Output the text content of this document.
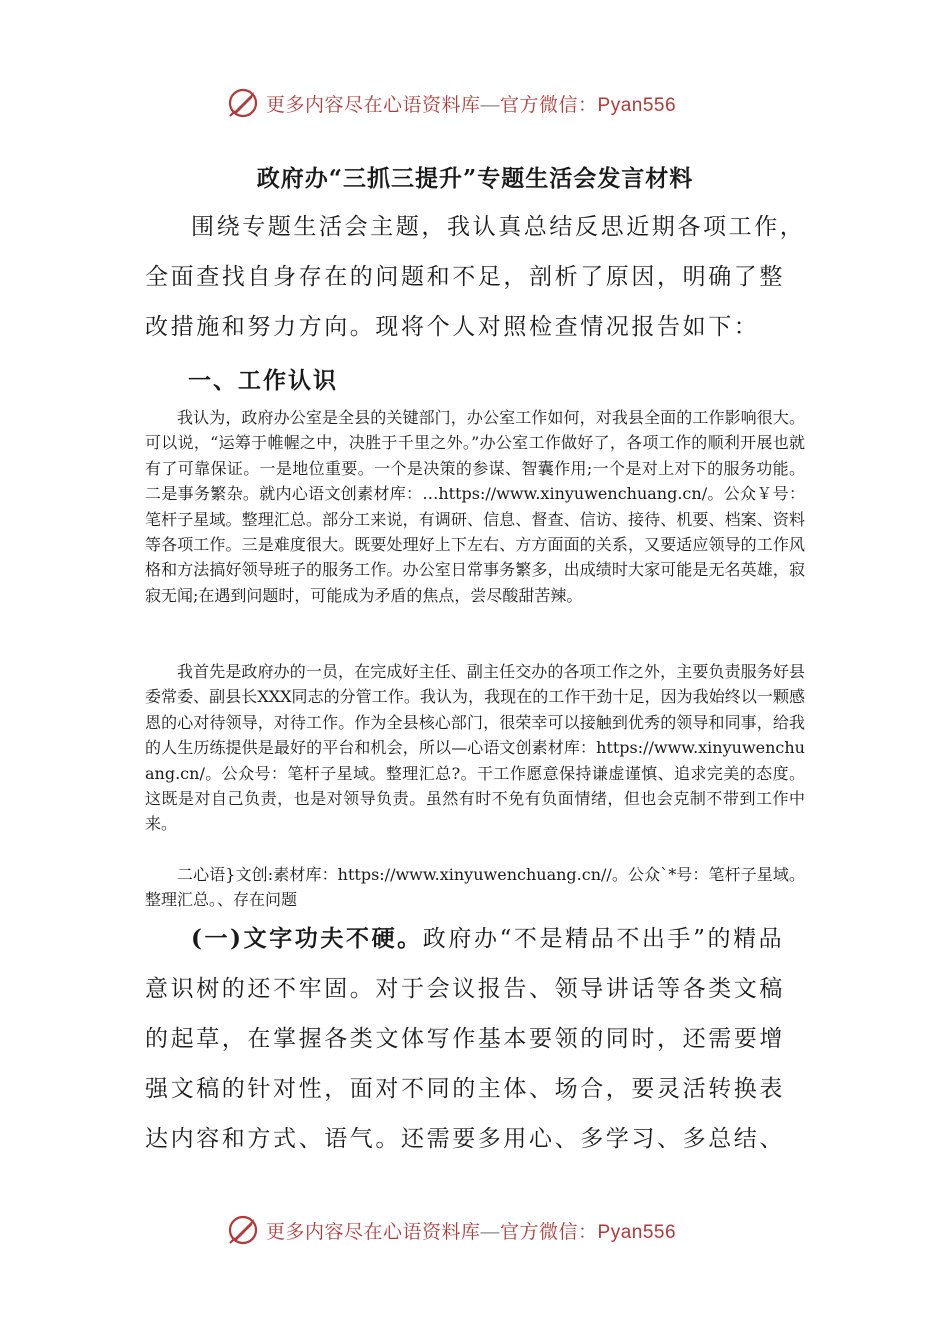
更多内容尽在心语资料库—官方微信：Pyan556
政府办“三抓三提升”专题生活会发言材料
围绕专题生活会主题，我认真总结反思近期各项工作，
全面查找自身存在的问题和不足，剖析了原因，明确了整
改措施和努力方向。现将个人对照检查情况报告如下：
一、工作认识
我认为，政府办公室是全县的关键部门，办公室工作如何，对我县全面的工作影响很大。可以说，“运筹于帷幄之中，决胜于千里之外。”办公室工作做好了，各项工作的顺利开展也就有了可靠保证。一是地位重要。一个是决策的参谋、智囊作用;一个是对上对下的服务功能。二是事务繁杂。就内心语文创素材库：…https://www.xinyuwenchuang.cn/。公众￥号：笔杆子星域。整理汇总。部分工来说，有调研、信息、督查、信访、接待、机要、档案、资料等各项工作。三是难度很大。既要处理好上下左右、方方面面的关系，又要适应领导的工作风格和方法搞好领导班子的服务工作。办公室日常事务繁多，出成绩时大家可能是无名英雄，寂寂无闻;在遇到问题时，可能成为矛盾的焦点，尝尽酸甜苦辣。
我首先是政府办的一员，在完成好主任、副主任交办的各项工作之外，主要负责服务好县委常委、副县长XXX同志的分管工作。我认为，我现在的工作干劲十足，因为我始终以一颗感恩的心对待领导，对待工作。作为全县核心部门，很荣幸可以接触到优秀的领导和同事，给我的人生历练提供是最好的平台和机会，所以—心语文创素材库：https://www.xinyuwenchuang.cn/。公众号：笔杆子星域。整理汇总?。干工作愿意保持谦虚谨慎、追求完美的态度。这既是对自己负责，也是对领导负责。虽然有时不免有负面情绪，但也会克制不带到工作中来。
二心语}文创:素材库：https://www.xinyuwenchuang.cn//。公众`*号：笔杆子星域。整理汇总。、存在问题
(一)文字功夫不硬。政府办“不是精品不出手”的精品
意识树的还不牢固。对于会议报告、领导讲话等各类文稿
的起草，在掌握各类文体写作基本要领的同时，还需要增
强文稿的针对性，面对不同的主体、场合，要灵活转换表
达内容和方式、语气。还需要多用心、多学习、多总结、
更多内容尽在心语资料库—官方微信：Pyan556
